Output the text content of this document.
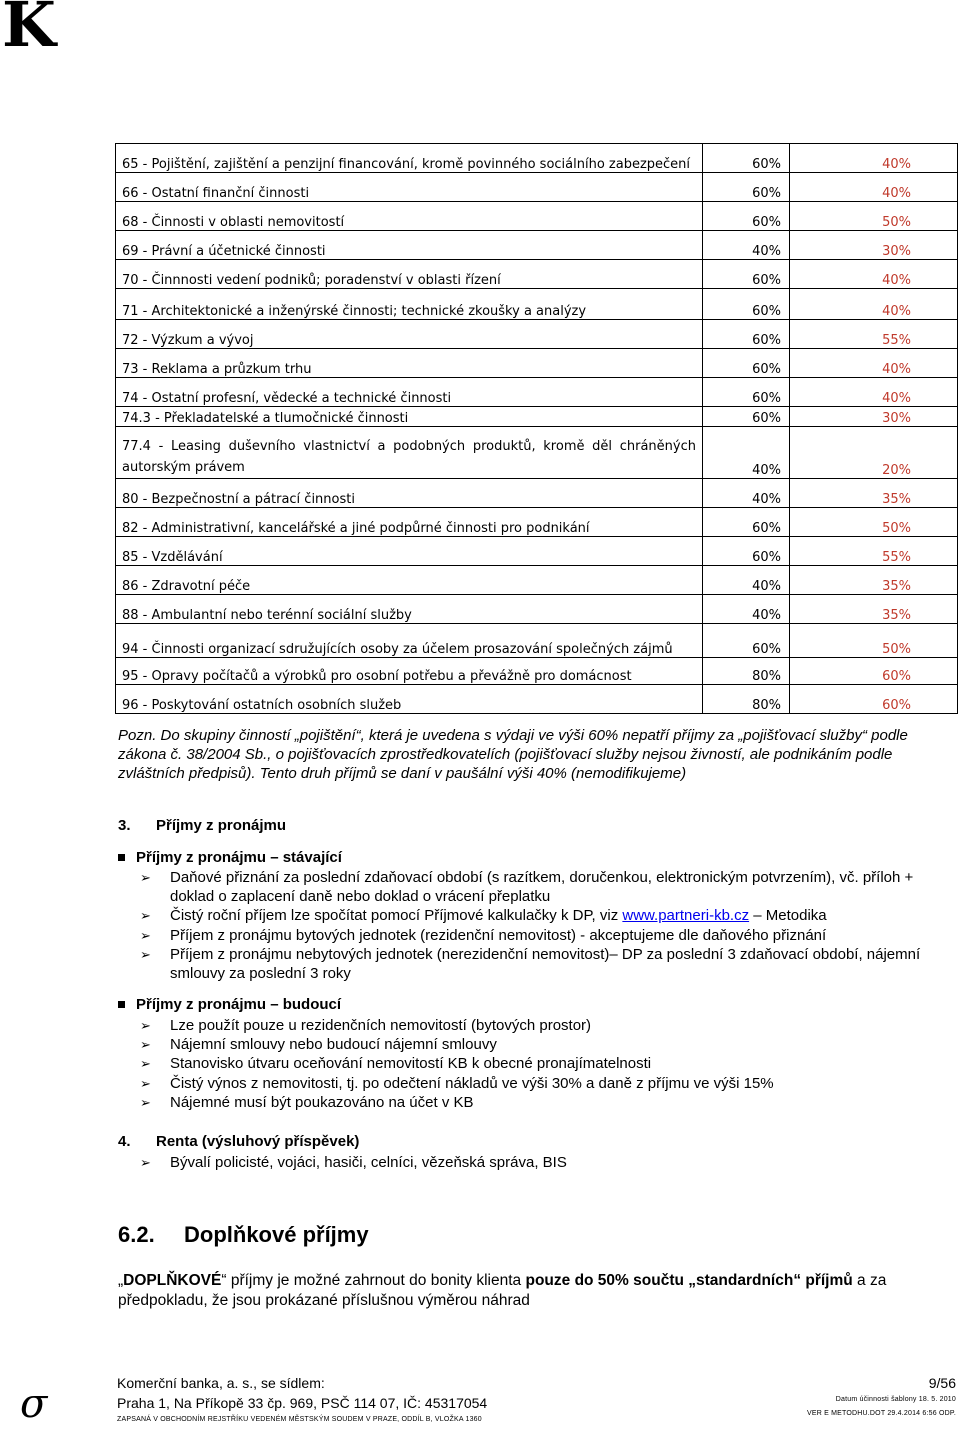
K
65 - Pojištění, zajištění a penzijní financování, kromě povinného sociálního zabezpečení	60%	40%
66 - Ostatní finanční činnosti	60%	40%
68 - Činnosti v oblasti nemovitostí	60%	50%
69 - Právní a účetnické činnosti	40%	30%
70 - Činnnosti vedení podniků; poradenství v oblasti řízení	60%	40%
71 - Architektonické a inženýrské činnosti; technické zkoušky a analýzy	60%	40%
72 - Výzkum a vývoj	60%	55%
73 - Reklama a průzkum trhu	60%	40%
74 - Ostatní profesní, vědecké a technické činnosti	60%	40%
74.3 - Překladatelské a tlumočnické činnosti	60%	30%
77.4 - Leasing duševního vlastnictví a podobných produktů, kromě děl chráněných autorským právem	40%	20%
80 - Bezpečnostní a pátrací činnosti	40%	35%
82 - Administrativní, kancelářské a jiné podpůrné činnosti pro podnikání	60%	50%
85 - Vzdělávání	60%	55%
86 - Zdravotní péče	40%	35%
88 - Ambulantní nebo terénní sociální služby	40%	35%
94 - Činnosti organizací sdružujících osoby za účelem prosazování společných zájmů	60%	50%
95 - Opravy počítačů a výrobků pro osobní potřebu a převážně pro domácnost	80%	60%
96 - Poskytování ostatních osobních služeb	80%	60%
Pozn. Do skupiny činností „pojištění“, která je uvedena s výdaji ve výši 60% nepatří příjmy za „pojišťovací služby“ podle zákona č. 38/2004 Sb., o pojišťovacích zprostředkovatelích (pojišťovací služby nejsou živností, ale podnikáním podle zvláštních předpisů). Tento druh příjmů se daní v paušální výši 40% (nemodifikujeme)
3. Příjmy z pronájmu
Příjmy z pronájmu – stávající
➢ Daňové přiznání za poslední zdaňovací období (s razítkem, doručenkou, elektronickým potvrzením), vč. příloh + doklad o zaplacení daně nebo doklad o vrácení přeplatku
➢ Čistý roční příjem lze spočítat pomocí Příjmové kalkulačky k DP, viz www.partneri-kb.cz – Metodika
➢ Příjem z pronájmu bytových jednotek (rezidenční nemovitost) - akceptujeme dle daňového přiznání
➢ Příjem z pronájmu nebytových jednotek (nerezidenční nemovitost)– DP za poslední 3 zdaňovací období, nájemní smlouvy za poslední 3 roky
Příjmy z pronájmu – budoucí
➢ Lze použít pouze u rezidenčních nemovitostí (bytových prostor)
➢ Nájemní smlouvy nebo budoucí nájemní smlouvy
➢ Stanovisko útvaru oceňování nemovitostí KB k obecné pronajímatelnosti
➢ Čistý výnos z nemovitosti, tj. po odečtení nákladů ve výši 30% a daně z příjmu ve výši 15%
➢ Nájemné musí být poukazováno na účet v KB
4. Renta (výsluhový příspěvek)
➢ Bývalí policisté, vojáci, hasiči, celníci, vězeňská správa, BIS
6.2. Doplňkové příjmy
„DOPLŇKOVÉ“ příjmy je možné zahrnout do bonity klienta pouze do 50% součtu „standardních“ příjmů a za předpokladu, že jsou prokázané příslušnou výměrou náhrad
σ	Komerční banka, a. s., se sídlem:
Praha 1, Na Příkopě 33 čp. 969, PSČ 114 07, IČ: 45317054
ZAPSANÁ V OBCHODNÍM REJSTŘÍKU VEDENÉM MĚSTSKÝM SOUDEM V PRAZE, ODDÍL B, VLOŽKA 1360
9/56
Datum účinnosti šablony 18. 5. 2010
VER E METODHU.DOT 29.4.2014 6:56 ODP.
